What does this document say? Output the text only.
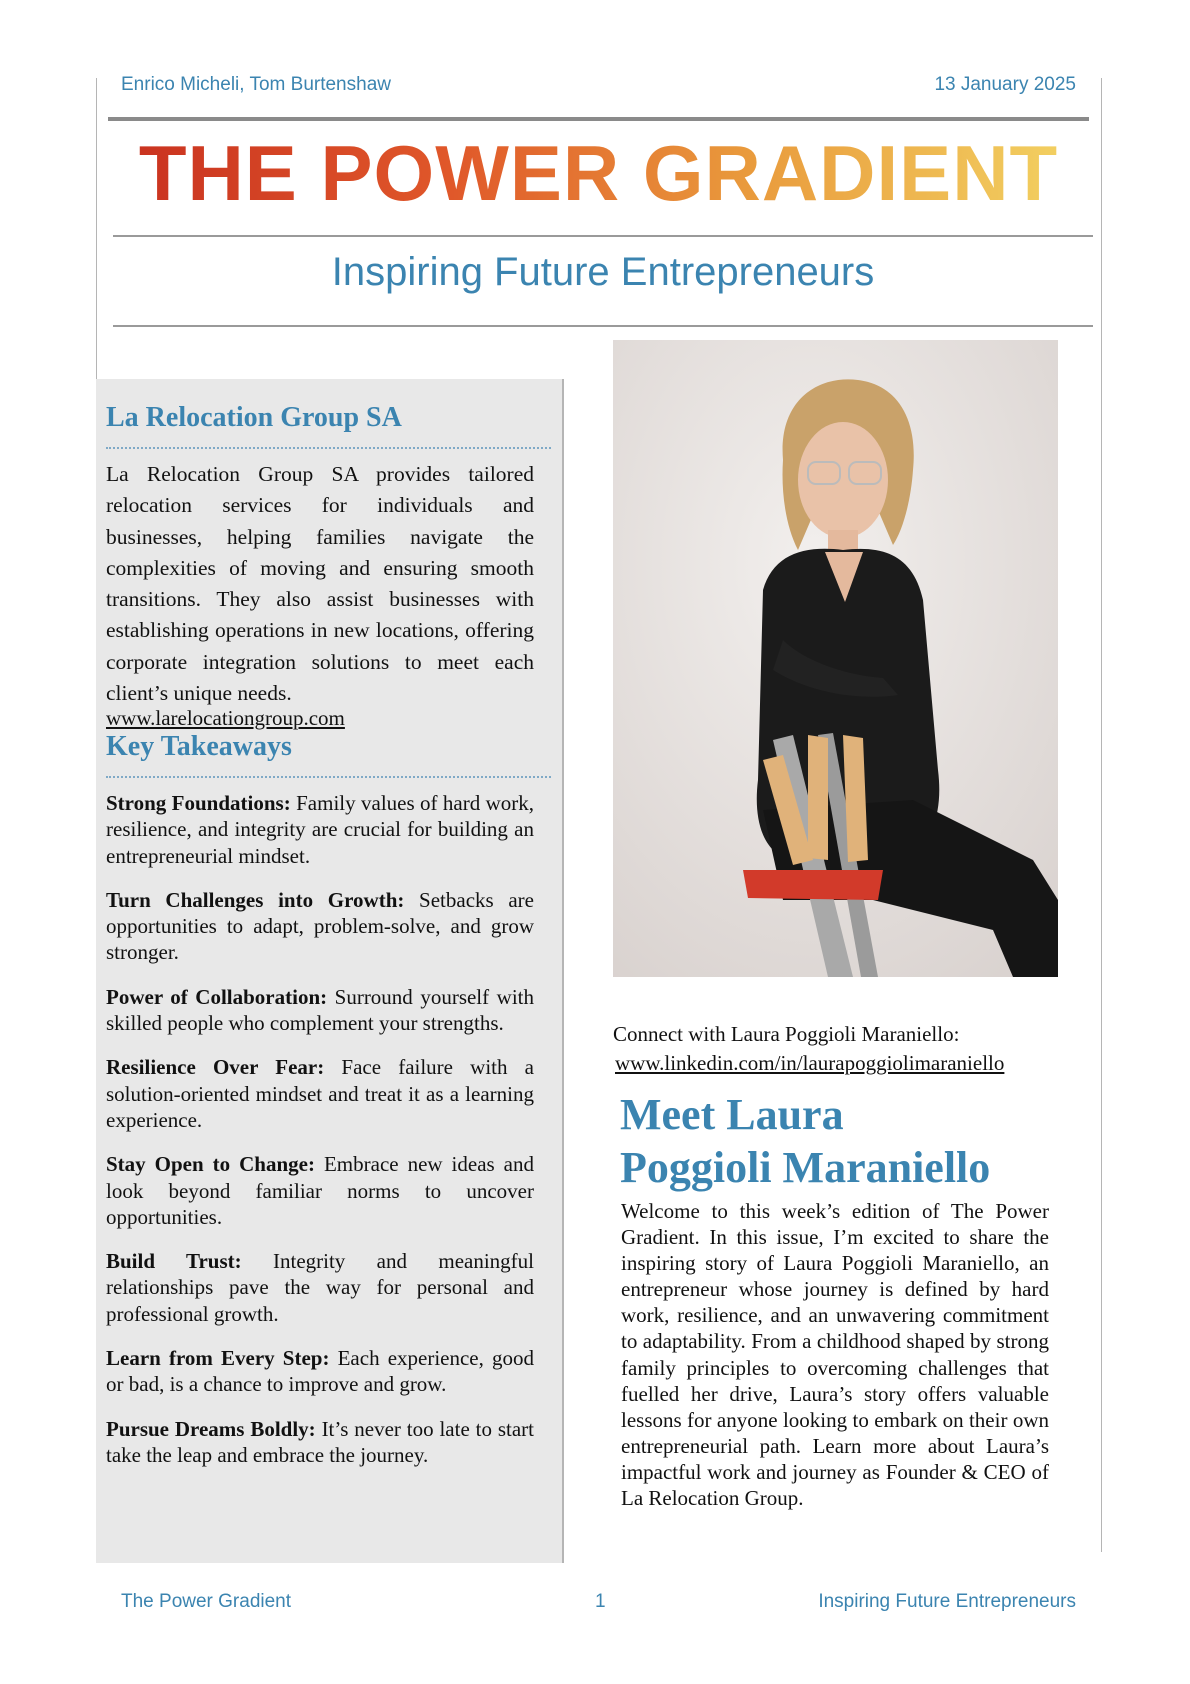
Enrico Micheli, Tom Burtenshaw	13 January 2025
THE POWER GRADIENT
Inspiring Future Entrepreneurs
La Relocation Group SA
La Relocation Group SA provides tailored relocation services for individuals and businesses, helping families navigate the complexities of moving and ensuring smooth transitions. They also assist businesses with establishing operations in new locations, offering corporate integration solutions to meet each client’s unique needs.
www.larelocationgroup.com
Key Takeaways

Strong Foundations: Family values of hard work, resilience, and integrity are crucial for building an entrepreneurial mindset.

Turn Challenges into Growth: Setbacks are opportunities to adapt, problem-solve, and grow stronger.

Power of Collaboration: Surround yourself with skilled people who complement your strengths.

Resilience Over Fear: Face failure with a solution-oriented mindset and treat it as a learning experience.

Stay Open to Change: Embrace new ideas and look beyond familiar norms to uncover opportunities.

Build Trust: Integrity and meaningful relationships pave the way for personal and professional growth.

Learn from Every Step: Each experience, good or bad, is a chance to improve and grow.

Pursue Dreams Boldly: It’s never too late to start take the leap and embrace the journey.

Connect with Laura Poggioli Maraniello:
www.linkedin.com/in/laurapoggiolimaraniello
Meet Laura
Poggioli Maraniello
Welcome to this week’s edition of The Power Gradient. In this issue, I’m excited to share the inspiring story of Laura Poggioli Maraniello, an entrepreneur whose journey is defined by hard work, resilience, and an unwavering commitment to adaptability. From a childhood shaped by strong family principles to overcoming challenges that fuelled her drive, Laura’s story offers valuable lessons for anyone looking to embark on their own entrepreneurial path. Learn more about Laura’s impactful work and journey as Founder & CEO of La Relocation Group.
The Power Gradient	1	Inspiring Future Entrepreneurs
